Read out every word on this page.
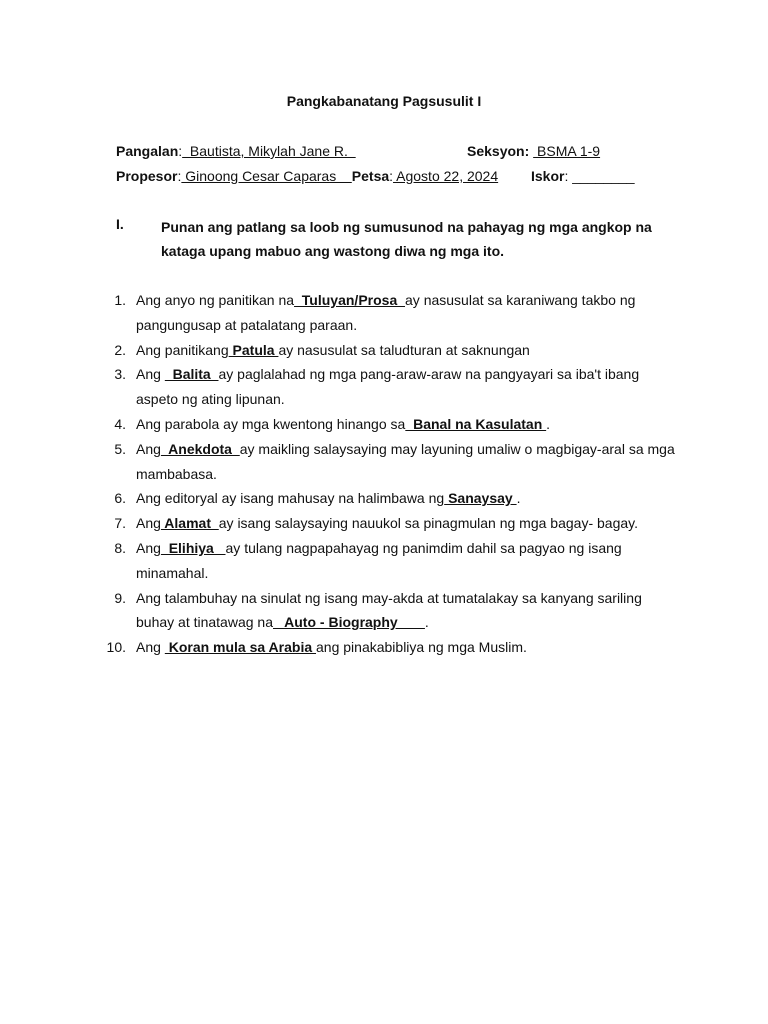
Pangkabanatang Pagsusulit I
Pangalan:  Bautista, Mikylah Jane R.	Seksyon:  BSMA 1-9
Propesor: Ginoong Cesar Caparas    Petsa: Agosto 22, 2024 Iskor: ________
I.	Punan ang patlang sa loob ng sumusunod na pahayag ng mga angkop na kataga upang mabuo ang wastong diwa ng mga ito.
1. Ang anyo ng panitikan na  Tuluyan/Prosa  ay nasusulat sa karaniwang takbo ng pangungusap at patalatang paraan.
2. Ang panitikang Patula ay nasusulat sa taludturan at saknungan
3. Ang   Balita  ay paglalahad ng mga pang-araw-araw na pangyayari sa iba't ibang aspeto ng ating lipunan.
4. Ang parabola ay mga kwentong hinango sa  Banal na Kasulatan .
5. Ang  Anekdota  ay maikling salaysaying may layuning umaliw o magbigay-aral sa mga mambabasa.
6. Ang editoryal ay isang mahusay na halimbawa ng Sanaysay .
7. Ang Alamat  ay isang salaysaying nauukol sa pinagmulan ng mga bagay- bagay.
8. Ang  Elihiya   ay tulang nagpapahayag ng panimdim dahil sa pagyao ng isang minamahal.
9. Ang talambuhay na sinulat ng isang may-akda at tumatalakay sa kanyang sariling buhay at tinatawag na   Auto - Biography       .
10. Ang  Koran mula sa Arabia ang pinakabibliya ng mga Muslim.
